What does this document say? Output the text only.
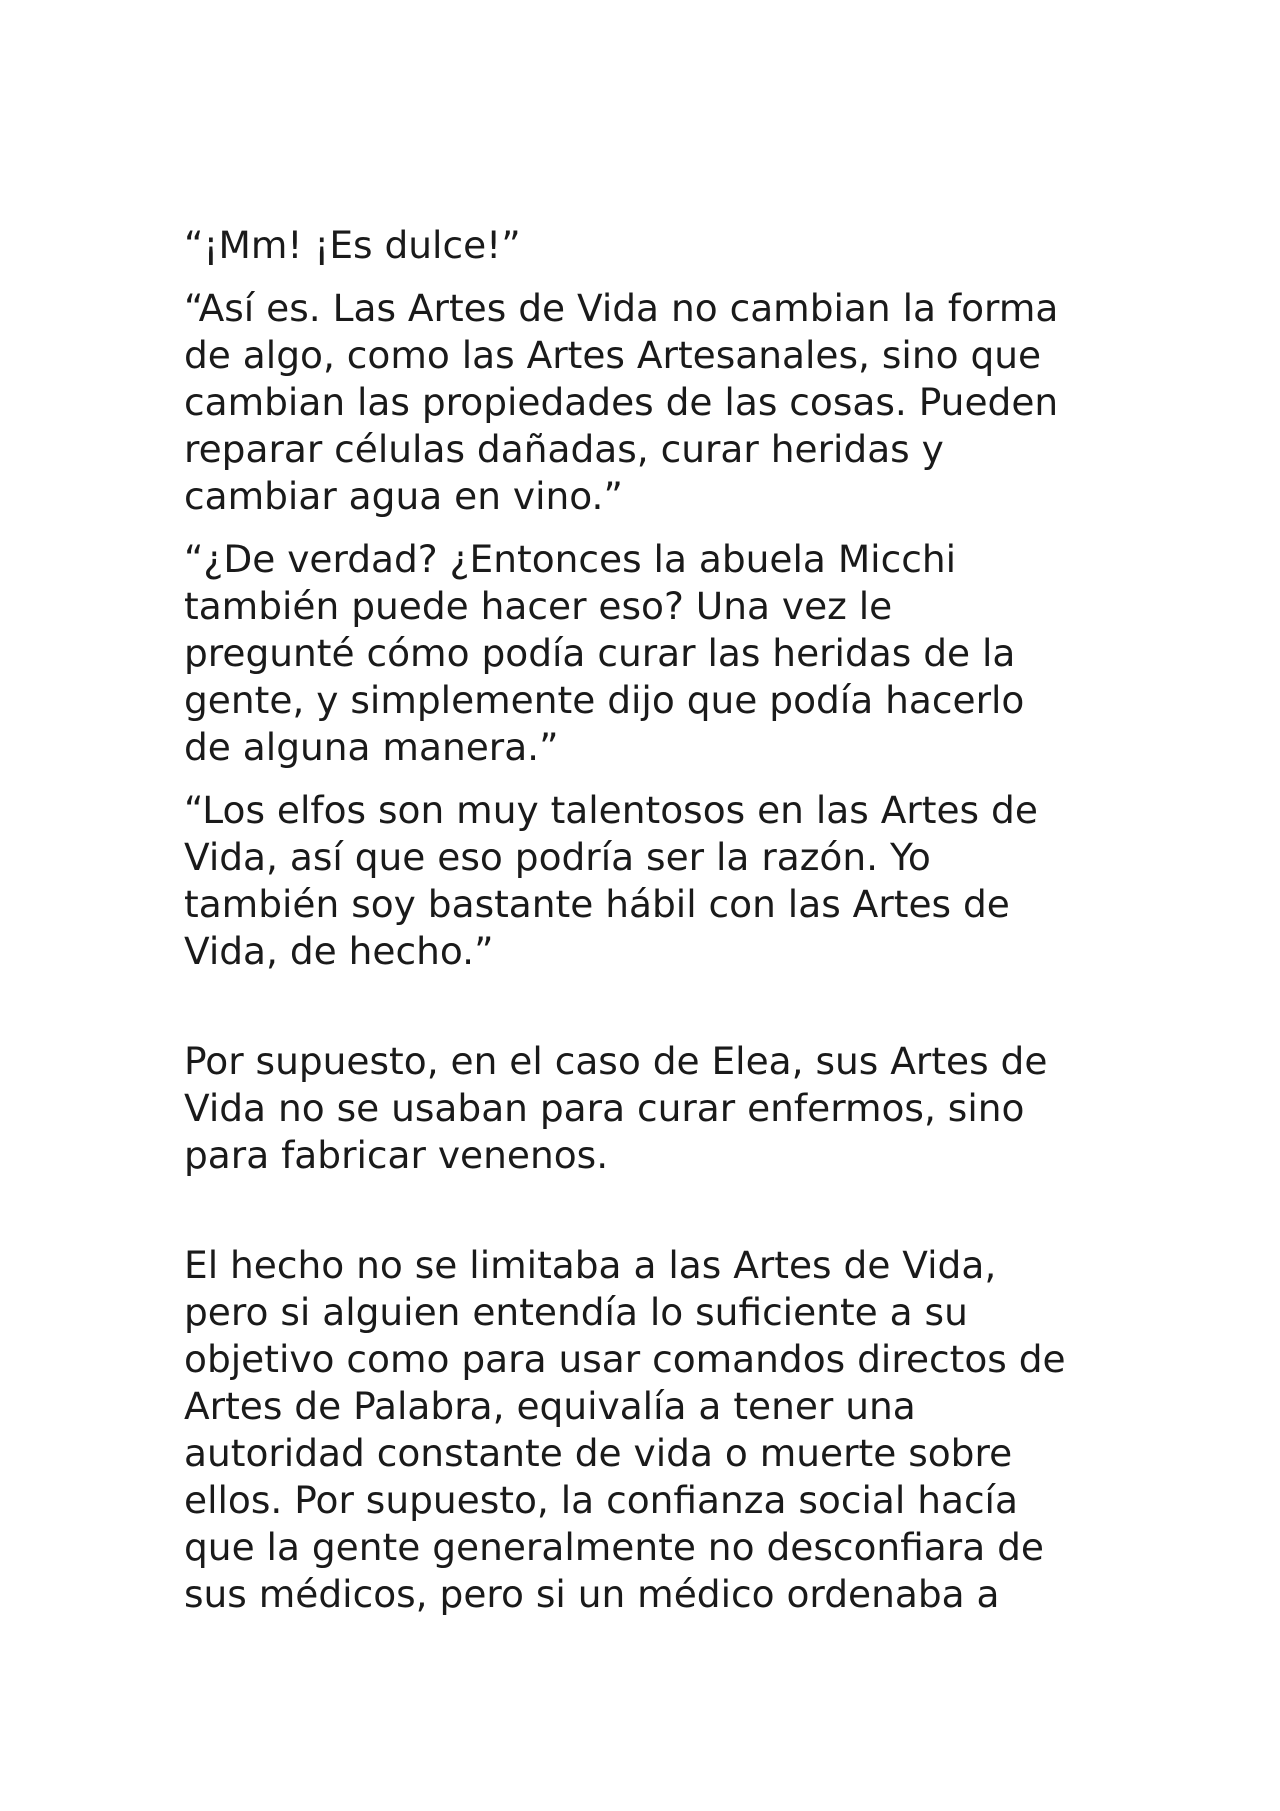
“¡Mm! ¡Es dulce!”

“Así es. Las Artes de Vida no cambian la forma
de algo, como las Artes Artesanales, sino que
cambian las propiedades de las cosas. Pueden
reparar células dañadas, curar heridas y
cambiar agua en vino.”

“¿De verdad? ¿Entonces la abuela Micchi
también puede hacer eso? Una vez le
pregunté cómo podía curar las heridas de la
gente, y simplemente dijo que podía hacerlo
de alguna manera.”

“Los elfos son muy talentosos en las Artes de
Vida, así que eso podría ser la razón. Yo
también soy bastante hábil con las Artes de
Vida, de hecho.”

Por supuesto, en el caso de Elea, sus Artes de
Vida no se usaban para curar enfermos, sino
para fabricar venenos.

El hecho no se limitaba a las Artes de Vida,
pero si alguien entendía lo suficiente a su
objetivo como para usar comandos directos de
Artes de Palabra, equivalía a tener una
autoridad constante de vida o muerte sobre
ellos. Por supuesto, la confianza social hacía
que la gente generalmente no desconfiara de
sus médicos, pero si un médico ordenaba a
